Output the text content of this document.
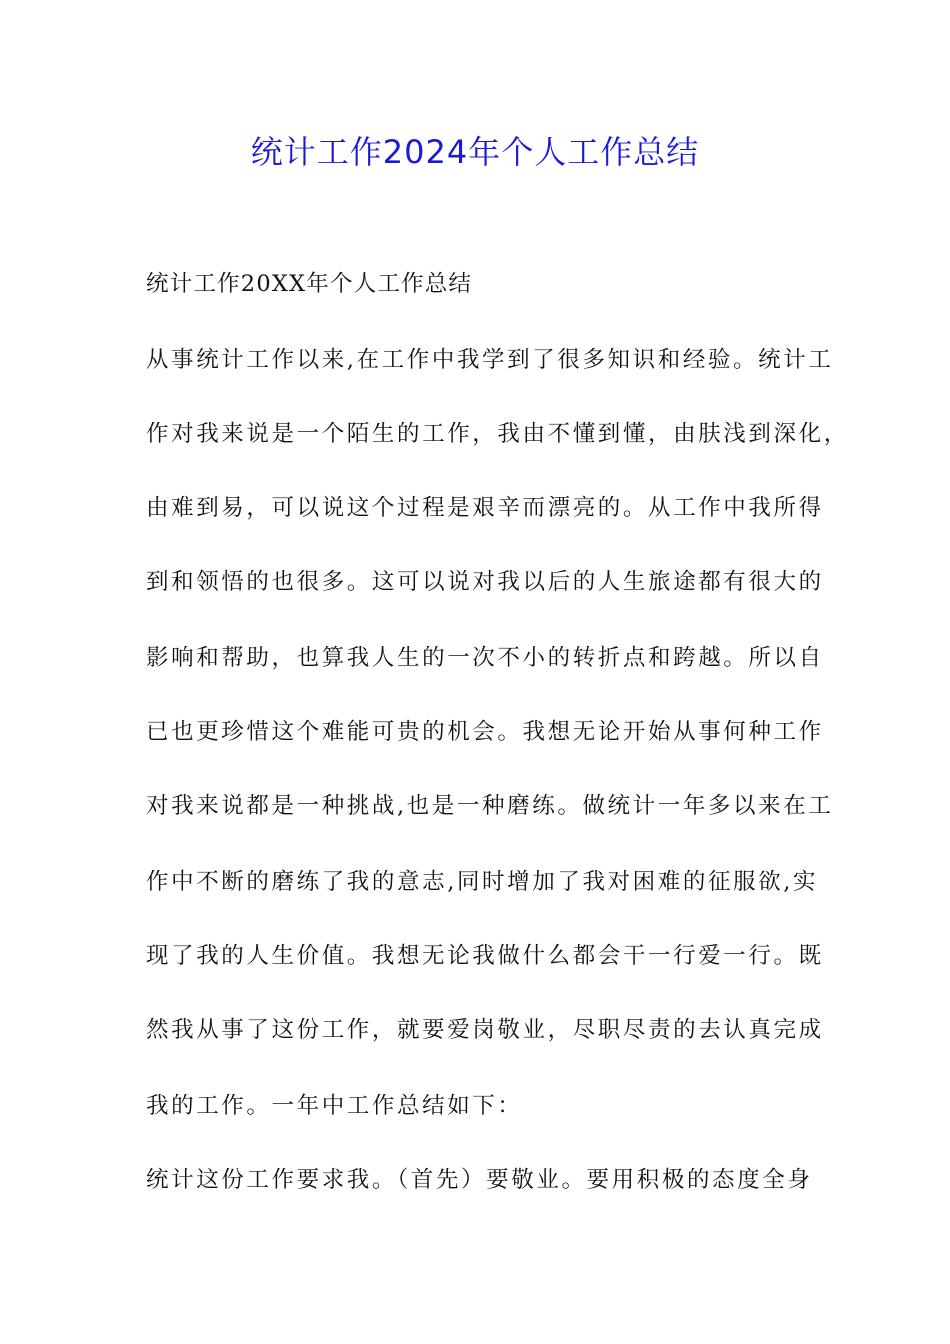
统计工作2024年个人工作总结
统计工作20XX年个人工作总结
从事统计工作以来,在工作中我学到了很多知识和经验。统计工
作对我来说是一个陌生的工作，我由不懂到懂，由肤浅到深化，
由难到易，可以说这个过程是艰辛而漂亮的。从工作中我所得
到和领悟的也很多。这可以说对我以后的人生旅途都有很大的
影响和帮助，也算我人生的一次不小的转折点和跨越。所以自
已也更珍惜这个难能可贵的机会。我想无论开始从事何种工作
对我来说都是一种挑战,也是一种磨练。做统计一年多以来在工
作中不断的磨练了我的意志,同时增加了我对困难的征服欲,实
现了我的人生价值。我想无论我做什么都会干一行爱一行。既
然我从事了这份工作，就要爱岗敬业，尽职尽责的去认真完成
我的工作。一年中工作总结如下：
统计这份工作要求我。（首先）要敬业。要用积极的态度全身
